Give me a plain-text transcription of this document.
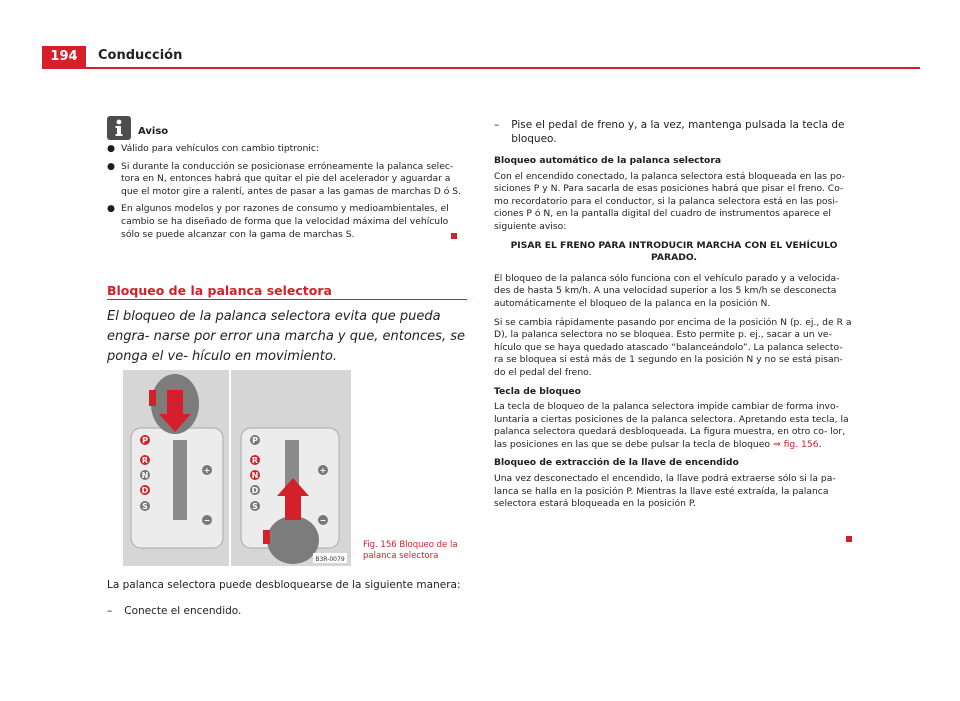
194	Conducción
Aviso
● Válido para vehículos con cambio tiptronic:
● Si durante la conducción se posicionase erróneamente la palanca selec- tora en N, entonces habrá que quitar el pie del acelerador y aguardar a que el motor gire a ralentí, antes de pasar a las gamas de marchas D ó S.
● En algunos modelos y por razones de consumo y medioambientales, el cambio se ha diseñado de forma que la velocidad máxima del vehículo sólo se puede alcanzar con la gama de marchas S.
Bloqueo de la palanca selectora
El bloqueo de la palanca selectora evita que pueda engra- narse por error una marcha y que, entonces, se ponga el ve- hículo en movimiento.
P
R
N
D
S
+
−
P
R
N
D
S
+
−
B3R-0079
Fig. 156 Bloqueo de la
palanca selectora
La palanca selectora puede desbloquearse de la siguiente manera:
– Conecte el encendido.
– Pise el pedal de freno y, a la vez, mantenga pulsada la tecla de bloqueo.
Bloqueo automático de la palanca selectora

Con el encendido conectado, la palanca selectora está bloqueada en las po- siciones P y N. Para sacarla de esas posiciones habrá que pisar el freno. Co- mo recordatorio para el conductor, si la palanca selectora está en las posi- ciones P ó N, en la pantalla digital del cuadro de instrumentos aparece el siguiente aviso:

PISAR EL FRENO PARA INTRODUCIR MARCHA CON EL VEHÍCULO PARADO.

El bloqueo de la palanca sólo funciona con el vehículo parado y a velocida- des de hasta 5 km/h. A una velocidad superior a los 5 km/h se desconecta automáticamente el bloqueo de la palanca en la posición N.

Si se cambia rápidamente pasando por encima de la posición N (p. ej., de R a D), la palanca selectora no se bloquea. Esto permite p. ej., sacar a un ve- hículo que se haya quedado atascado “balanceándolo”. La palanca selecto- ra se bloquea si está más de 1 segundo en la posición N y no se está pisan- do el pedal del freno.

Tecla de bloqueo

La tecla de bloqueo de la palanca selectora impide cambiar de forma invo- luntaria a ciertas posiciones de la palanca selectora. Apretando esta tecla, la palanca selectora quedará desbloqueada. La figura muestra, en otro co- lor, las posiciones en las que se debe pulsar la tecla de bloqueo ⇒ fig. 156.

Bloqueo de extracción de la llave de encendido

Una vez desconectado el encendido, la llave podrá extraerse sólo si la pa- lanca se halla en la posición P. Mientras la llave esté extraída, la palanca selectora estará bloqueada en la posición P.
